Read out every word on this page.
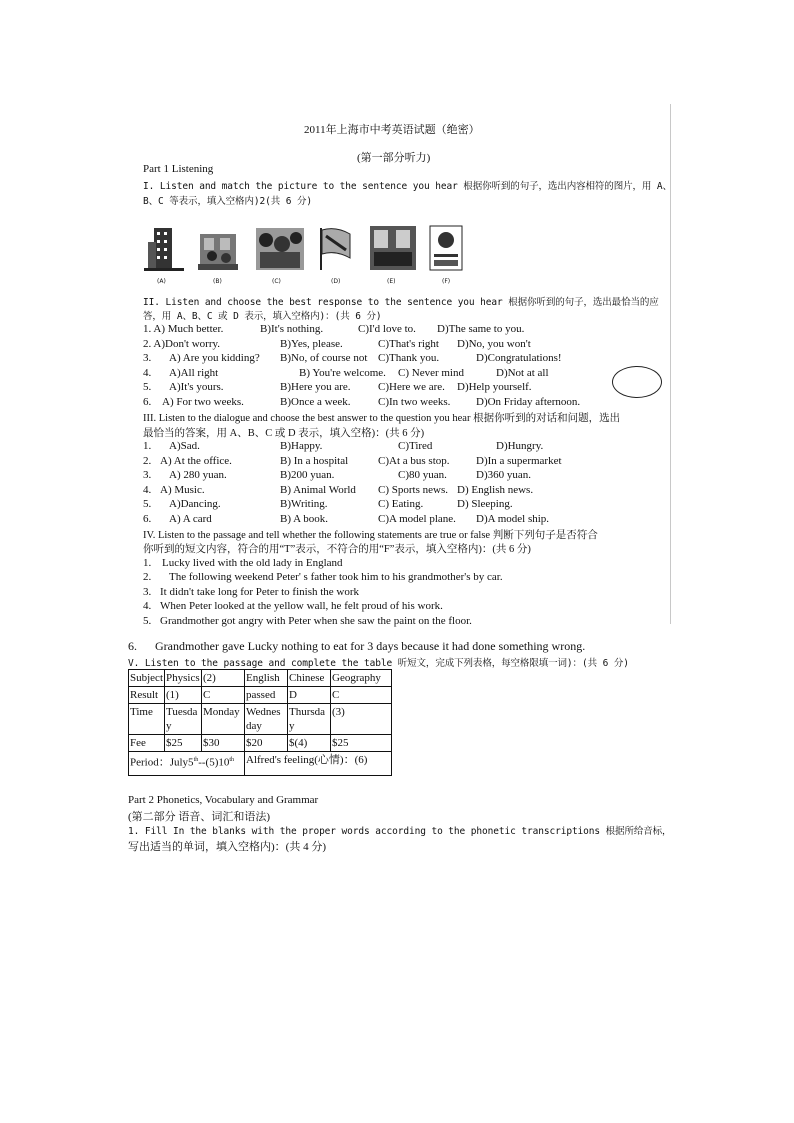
2011年上海市中考英语试题（绝密）
(第一部分听力)
Part 1 Listening
I. Listen and match the picture to the sentence you hear 根据你听到的句子，选出内容相符的图片，用 A、
B、C 等表示，填入空格内)2(共 6 分)
(A)	(B)	(C)	(D)	(E)	(F)
II. Listen and choose the best response to the sentence you hear 根据你听到的句子，选出最恰当的应
答，用 A、B、C 或 D 表示，填入空格内)：(共 6 分)
1. A) Much better.	B)It's nothing.	C)I'd love to. D)The same to you.
2. A)Don't worry.	B)Yes, please.	C)That's right D)No, you won't
3. A) Are you kidding? B)No, of course not C)Thank you.	D)Congratulations!
4. A)All right	B) You're welcome. C) Never mind	D)Not at all
5. A)It's yours.	B)Here you are. C)Here we are. D)Help yourself.
6. A) For two weeks.	B)Once a week. C)In two weeks. D)On Friday afternoon.
III. Listen to the dialogue and choose the best answer to the question you hear 根据你听到的对话和问题，选出
最恰当的答案，用 A、B、C 或 D 表示，填入空格)：(共 6 分)
1. A)Sad.	B)Happy.	C)Tired	D)Hungry.
2. A) At the office.	B) In a hospital	C)At a bus stop. D)In a supermarket
3. A) 280 yuan.	B)200 yuan.	C)80 yuan.	D)360 yuan.
4. A) Music.	B) Animal World C) Sports news. D) English news.
5. A)Dancing.	B)Writing.	C) Eating.	D) Sleeping.
6. A) A card	B) A book.	C)A model plane. D)A model ship.
IV. Listen to the passage and tell whether the following statements are true or false 判断下列句子是否符合
你听到的短文内容，符合的用“T”表示，不符合的用“F”表示，填入空格内)：(共 6 分)
1. Lucky lived with the old lady in England
2. The following weekend Peter' s father took him to his grandmother's by car.
3. It didn't take long for Peter to finish the work
4. When Peter looked at the yellow wall, he felt proud of his work.
5. Grandmother got angry with Peter when she saw the paint on the floor.
6. Grandmother gave Lucky nothing to eat for 3 days because it had done something wrong.
V. Listen to the passage and complete the table 听短文，完成下列表格，每空格限填一词)：(共 6 分)
Subject	Physics	(2)	English	Chinese	Geography
Result	(1)	C	passed	D	C
Time	Tuesday	Monday	Wednesday	Thursday	(3)
Fee	$25	$30	$20	$(4)	$25
Period：July5th--(5)10th			Alfred's feeling(心情)：(6)		
Part 2 Phonetics, Vocabulary and Grammar
(第二部分 语音、词汇和语法)
1. Fill In the blanks with the proper words according to the phonetic transcriptions 根据所给音标，
写出适当的单词，填入空格内)：(共 4 分)
